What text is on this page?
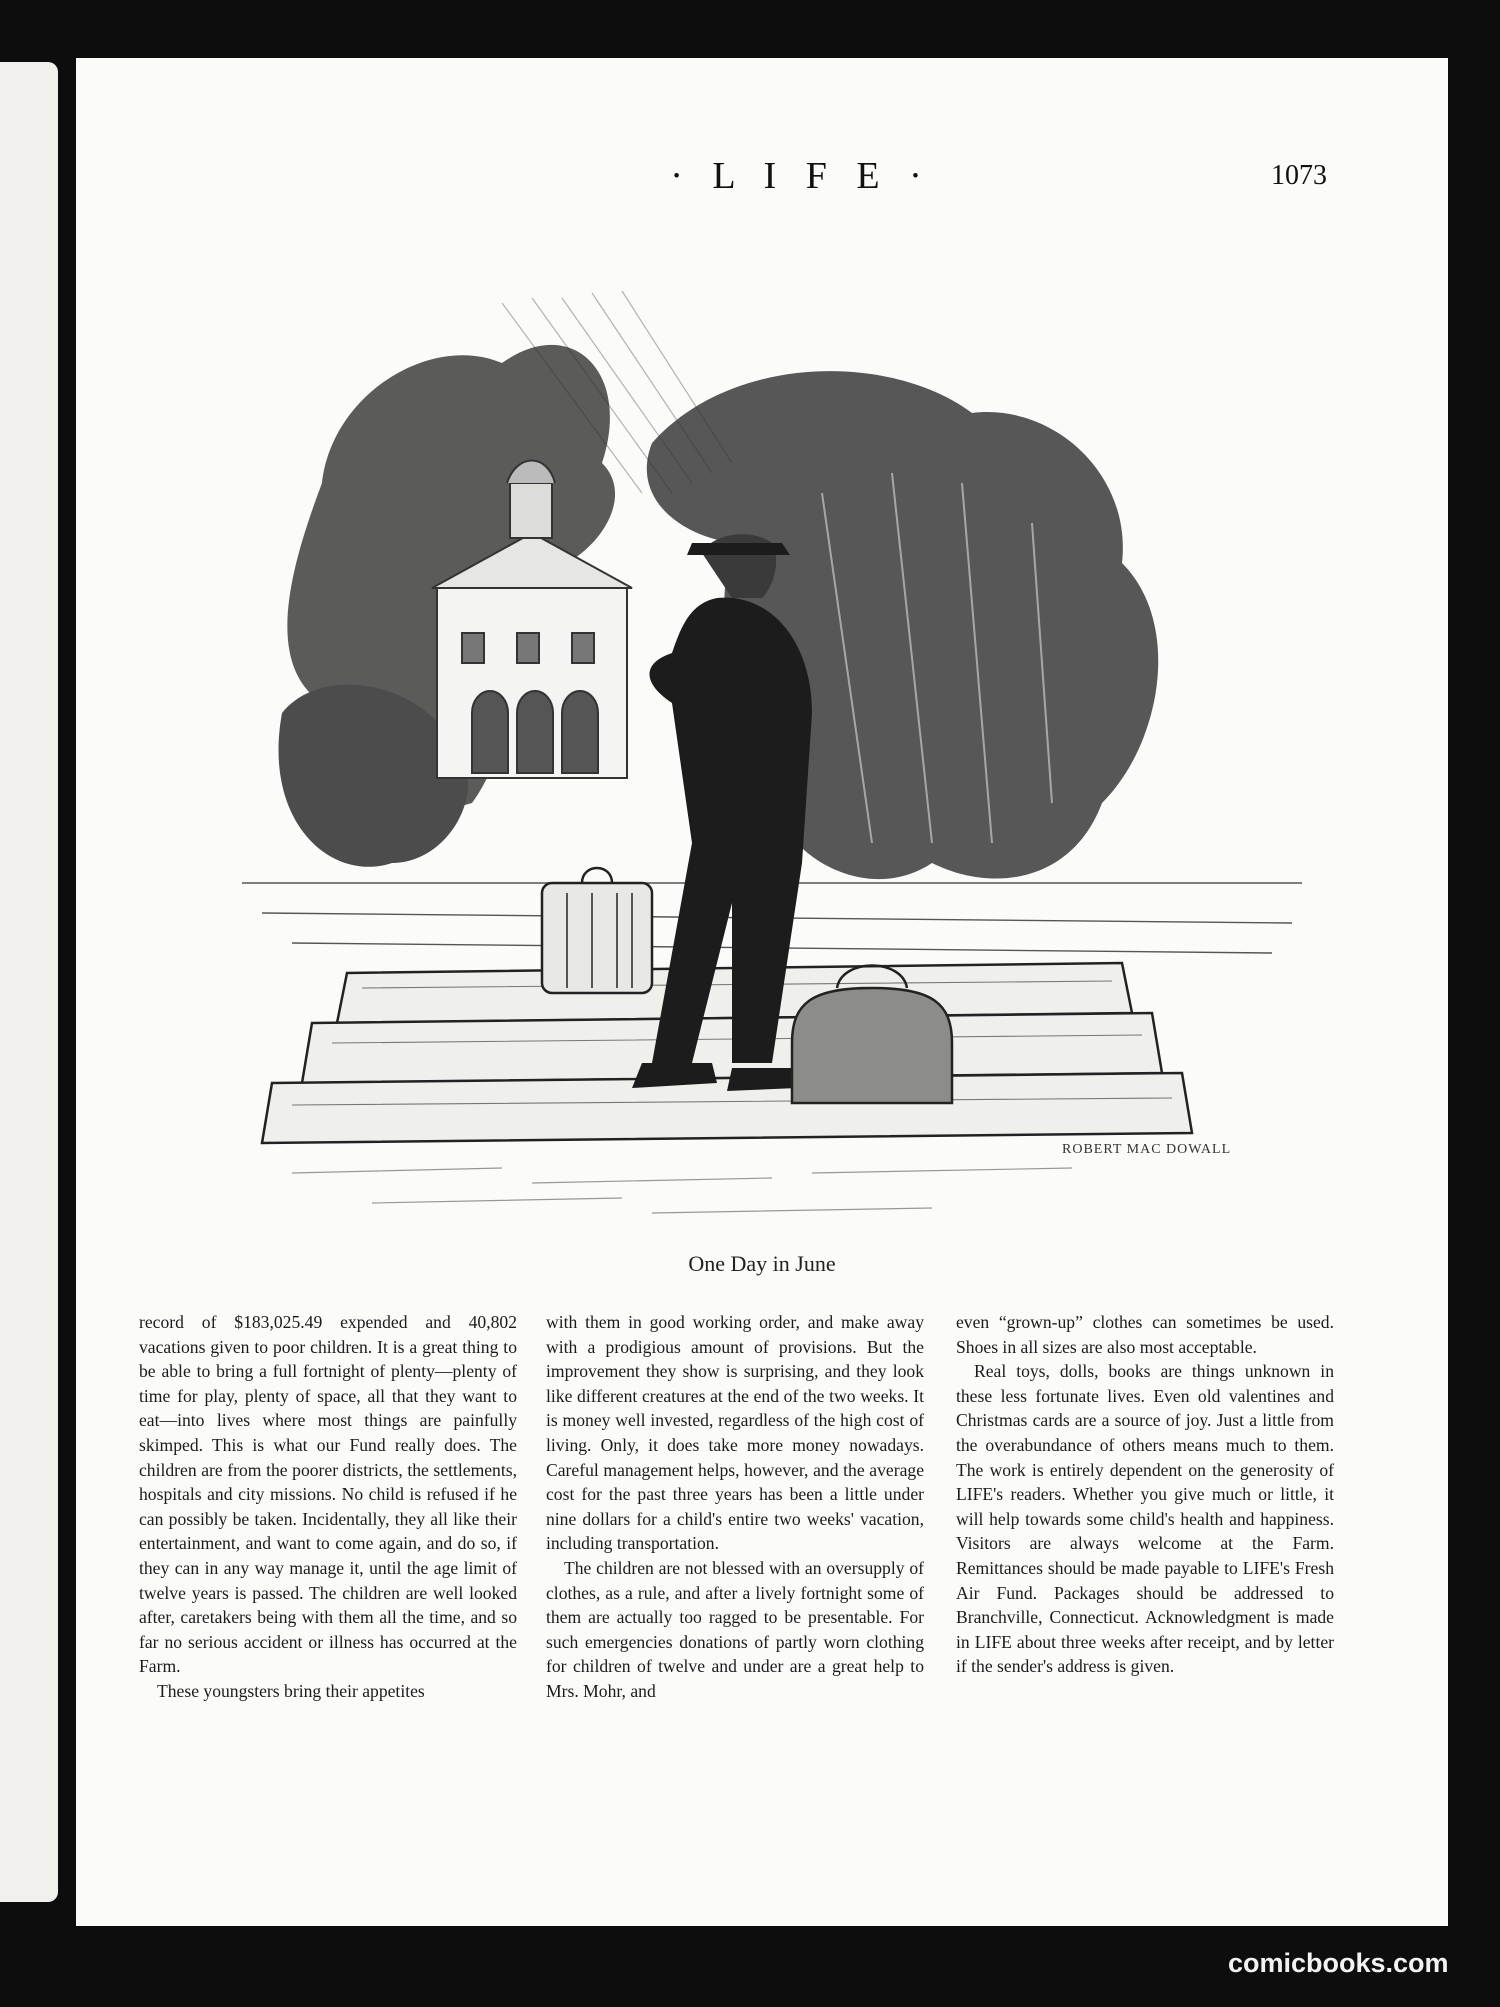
· L I F E ·	1073
ROBERT MAC DOWALL
One Day in June

record of $183,025.49 expended and 40,802 vacations given to poor children. It is a great thing to be able to bring a full fortnight of plenty—plenty of time for play, plenty of space, all that they want to eat—into lives where most things are painfully skimped. This is what our Fund really does. The children are from the poorer districts, the settlements, hospitals and city missions. No child is refused if he can possibly be taken. Incidentally, they all like their entertainment, and want to come again, and do so, if they can in any way manage it, until the age limit of twelve years is passed. The children are well looked after, caretakers being with them all the time, and so far no serious accident or illness has occurred at the Farm.

These youngsters bring their appetites

with them in good working order, and make away with a prodigious amount of provisions. But the improvement they show is surprising, and they look like different creatures at the end of the two weeks. It is money well invested, regardless of the high cost of living. Only, it does take more money nowadays. Careful management helps, however, and the average cost for the past three years has been a little under nine dollars for a child's entire two weeks' vacation, including transportation.

The children are not blessed with an oversupply of clothes, as a rule, and after a lively fortnight some of them are actually too ragged to be presentable. For such emergencies donations of partly worn clothing for children of twelve and under are a great help to Mrs. Mohr, and

even “grown-up” clothes can sometimes be used. Shoes in all sizes are also most acceptable.

Real toys, dolls, books are things unknown in these less fortunate lives. Even old valentines and Christmas cards are a source of joy. Just a little from the overabundance of others means much to them. The work is entirely dependent on the generosity of LIFE's readers. Whether you give much or little, it will help towards some child's health and happiness. Visitors are always welcome at the Farm. Remittances should be made payable to LIFE's Fresh Air Fund. Packages should be addressed to Branchville, Connecticut. Acknowledgment is made in LIFE about three weeks after receipt, and by letter if the sender's address is given.

comicbooks.com
